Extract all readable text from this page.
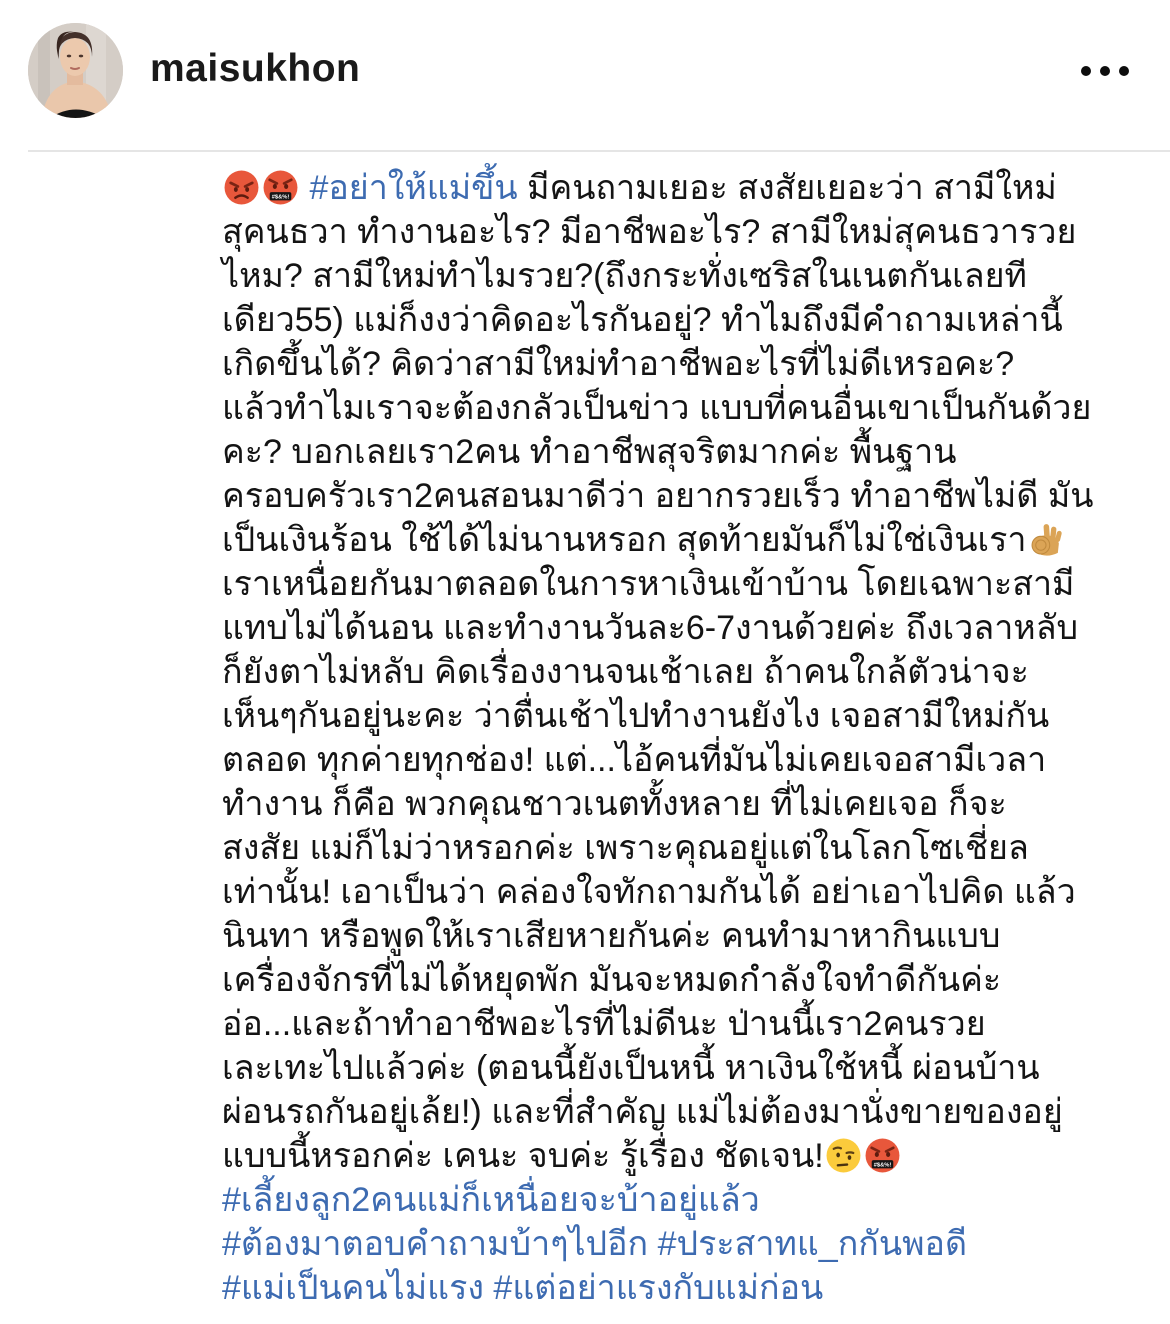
maisukhon
#$&%! #อย่าให้แม่ขึ้น มีคนถามเยอะ สงสัยเยอะว่า สามีใหม่
สุคนธวา ทำงานอะไร? มีอาชีพอะไร? สามีใหม่สุคนธวารวย
ไหม? สามีใหม่ทำไมรวย?(ถึงกระทั่งเซริสในเนตกันเลยที
เดียว55) แม่ก็งงว่าคิดอะไรกันอยู่? ทำไมถึงมีคำถามเหล่านี้
เกิดขึ้นได้? คิดว่าสามีใหม่ทำอาชีพอะไรที่ไม่ดีเหรอคะ?
แล้วทำไมเราจะต้องกลัวเป็นข่าว แบบที่คนอื่นเขาเป็นกันด้วย
คะ? บอกเลยเรา2คน ทำอาชีพสุจริตมากค่ะ พื้นฐาน
ครอบครัวเรา2คนสอนมาดีว่า อยากรวยเร็ว ทำอาชีพไม่ดี มัน
เป็นเงินร้อน ใช้ได้ไม่นานหรอก สุดท้ายมันก็ไม่ใช่เงินเรา
เราเหนื่อยกันมาตลอดในการหาเงินเข้าบ้าน โดยเฉพาะสามี
แทบไม่ได้นอน และทำงานวันละ6-7งานด้วยค่ะ ถึงเวลาหลับ
ก็ยังตาไม่หลับ คิดเรื่องงานจนเช้าเลย ถ้าคนใกล้ตัวน่าจะ
เห็นๆกันอยู่นะคะ ว่าตื่นเช้าไปทำงานยังไง เจอสามีใหม่กัน
ตลอด ทุกค่ายทุกช่อง! แต่...ไอ้คนที่มันไม่เคยเจอสามีเวลา
ทำงาน ก็คือ พวกคุณชาวเนตทั้งหลาย ที่ไม่เคยเจอ ก็จะ
สงสัย แม่ก็ไม่ว่าหรอกค่ะ เพราะคุณอยู่แต่ในโลกโซเชี่ยล
เท่านั้น! เอาเป็นว่า คล่องใจทักถามกันได้ อย่าเอาไปคิด แล้ว
นินทา หรือพูดให้เราเสียหายกันค่ะ คนทำมาหากินแบบ
เครื่องจักรที่ไม่ได้หยุดพัก มันจะหมดกำลังใจทำดีกันค่ะ
อ่อ...และถ้าทำอาชีพอะไรที่ไม่ดีนะ ป่านนี้เรา2คนรวย
เละเทะไปแล้วค่ะ (ตอนนี้ยังเป็นหนี้ หาเงินใช้หนี้ ผ่อนบ้าน
ผ่อนรถกันอยู่เล้ย!) และที่สำคัญ แม่ไม่ต้องมานั่งขายของอยู่
แบบนี้หรอกค่ะ เคนะ จบค่ะ รู้เรื่อง ชัดเจน!	#$&%!
#เลี้ยงลูก2คนแม่ก็เหนื่อยจะบ้าอยู่แล้ว
#ต้องมาตอบคำถามบ้าๆไปอีก #ประสาทแ_กกันพอดี
#แม่เป็นคนไม่แรง #แต่อย่าแรงกับแม่ก่อน
